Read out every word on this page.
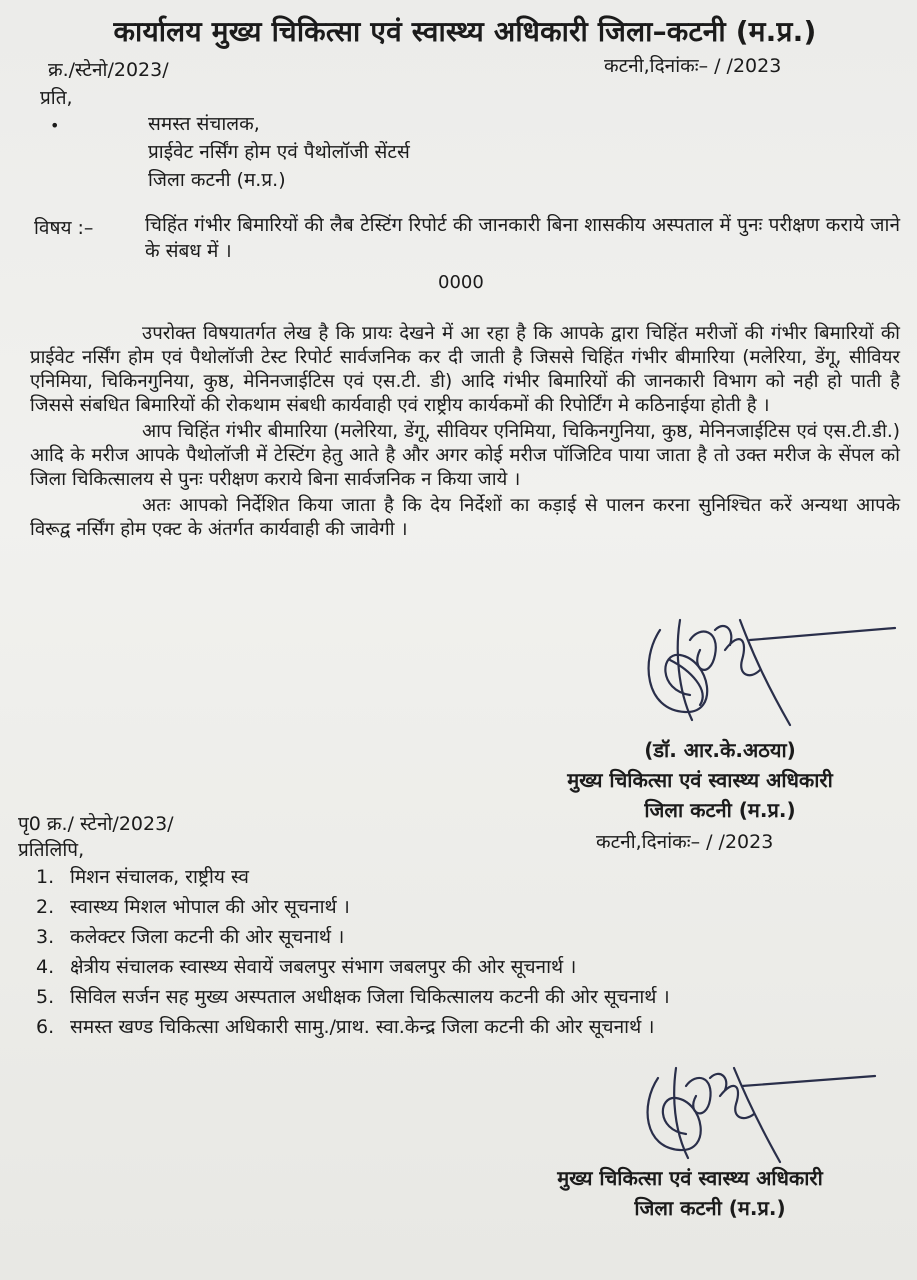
कार्यालय मुख्य चिकित्सा एवं स्वास्थ्य अधिकारी जिला–कटनी (म.प्र.)
क्र./स्टेनो/2023/	कटनी,दिनांकः– / /2023
प्रति,
•	समस्त संचालक,
प्राईवेट नर्सिंग होम एवं पैथोलॉजी सेंटर्स
जिला कटनी (म.प्र.)
विषय :–	चिहिंत गंभीर बिमारियों की लैब टेस्टिंग रिपोर्ट की जानकारी बिना शासकीय अस्पताल में पुनः परीक्षण कराये जाने के संबध में ।
0000

उपरोक्त विषयातर्गत लेख है कि प्रायः देखने में आ रहा है कि आपके द्वारा चिहिंत मरीजों की गंभीर बिमारियों की प्राईवेट नर्सिंग होम एवं पैथोलॉजी टेस्ट रिपोर्ट सार्वजनिक कर दी जाती है जिससे चिहिंत गंभीर बीमारिया (मलेरिया, डेंगू, सीवियर एनिमिया, चिकिनगुनिया, कुष्ठ, मेनिनजाईटिस एवं एस.टी. डी) आदि गंभीर बिमारियों की जानकारी विभाग को नही हो पाती है जिससे संबधित बिमारियों की रोकथाम संबधी कार्यवाही एवं राष्ट्रीय कार्यकमों की रिपोर्टिंग मे कठिनाईया होती है ।

आप चिहिंत गंभीर बीमारिया (मलेरिया, डेंगू, सीवियर एनिमिया, चिकिनगुनिया, कुष्ठ, मेनिनजाईटिस एवं एस.टी.डी.) आदि के मरीज आपके पैथोलॉजी में टेस्टिंग हेतु आते है और अगर कोई मरीज पॉजिटिव पाया जाता है तो उक्त मरीज के सेंपल को जिला चिकित्सालय से पुनः परीक्षण कराये बिना सार्वजनिक न किया जाये ।

अतः आपको निर्देशित किया जाता है कि देय निर्देशों का कड़ाई से पालन करना सुनिश्चित करें अन्यथा आपके विरूद्व नर्सिंग होम एक्ट के अंतर्गत कार्यवाही की जावेगी ।

(डॉ. आर.के.अठया)
मुख्य चिकित्सा एवं स्वास्थ्य अधिकारी
जिला कटनी (म.प्र.)
पृ0 क्र./ स्टेनो/2023/
कटनी,दिनांकः– / /2023
प्रतिलिपि,
1. मिशन संचालक, राष्ट्रीय स्व
2. स्वास्थ्य मिशल भोपाल की ओर सूचनार्थ ।
3. कलेक्टर जिला कटनी की ओर सूचनार्थ ।
4. क्षेत्रीय संचालक स्वास्थ्य सेवायें जबलपुर संभाग जबलपुर की ओर सूचनार्थ ।
5. सिविल सर्जन सह मुख्य अस्पताल अधीक्षक जिला चिकित्सालय कटनी की ओर सूचनार्थ ।
6. समस्त खण्ड चिकित्सा अधिकारी सामु./प्राथ. स्वा.केन्द्र जिला कटनी की ओर सूचनार्थ ।
मुख्य चिकित्सा एवं स्वास्थ्य अधिकारी
जिला कटनी (म.प्र.)
